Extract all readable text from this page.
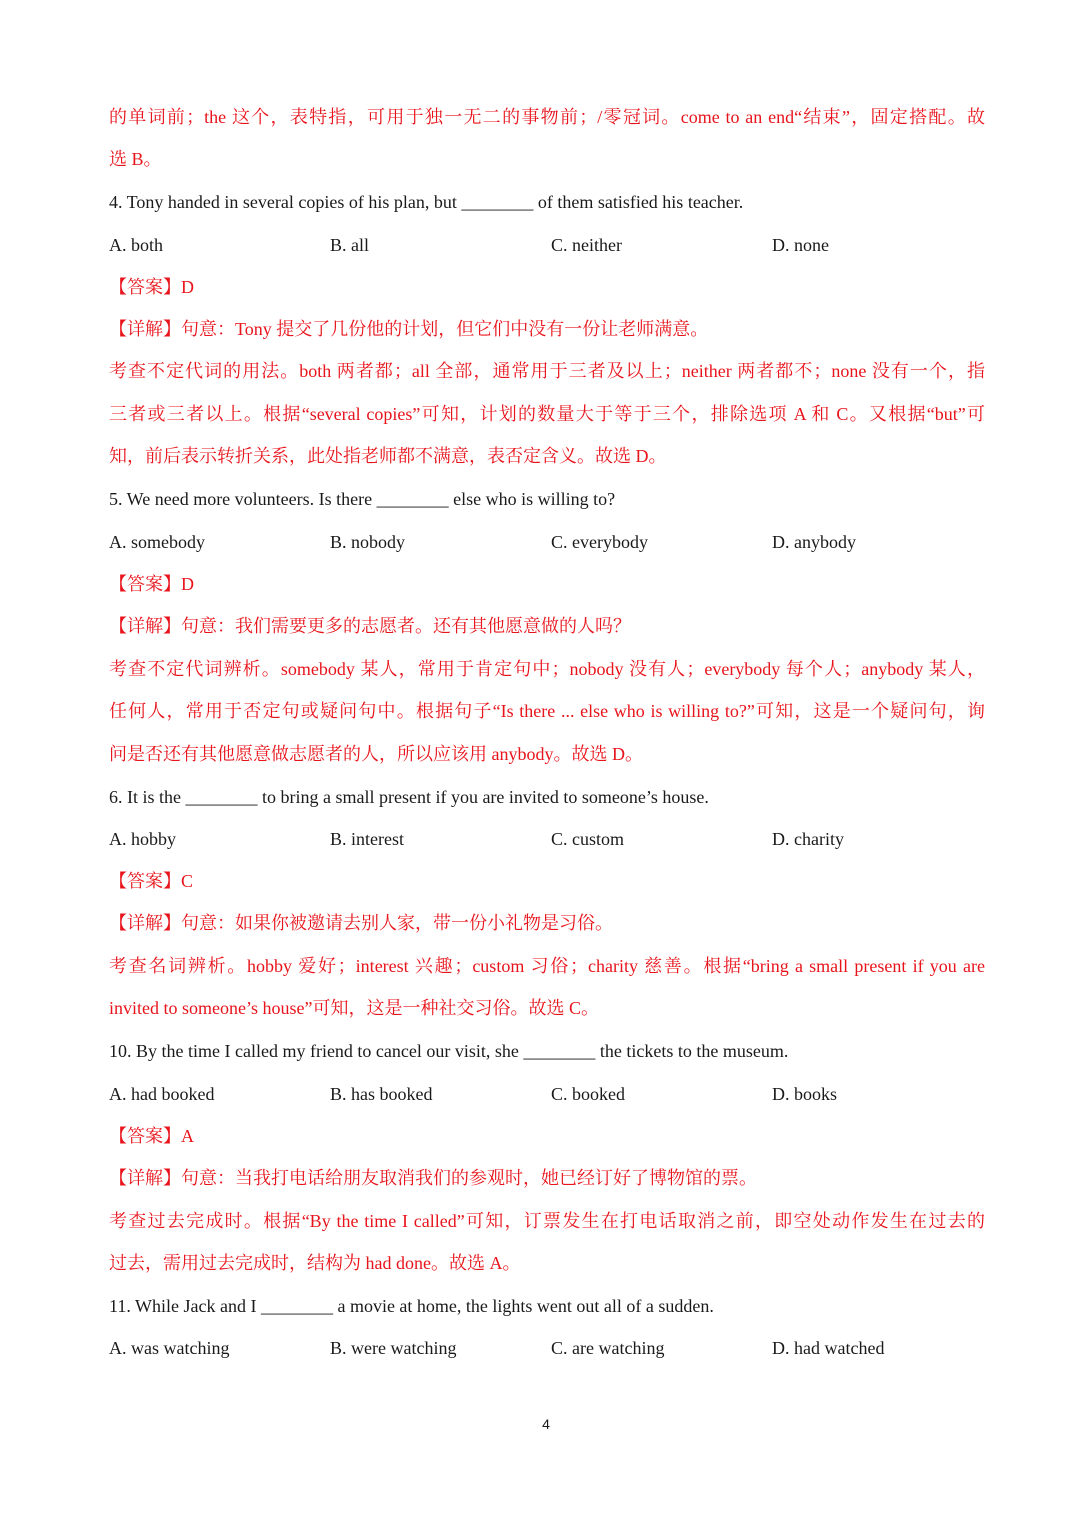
的单词前；the 这个，表特指，可用于独一无二的事物前；/零冠词。come to an end“结束”，固定搭配。故
选 B。
4. Tony handed in several copies of his plan, but ________ of them satisfied his teacher.
A. both	B. all	C. neither	D. none
【答案】D
【详解】句意：Tony 提交了几份他的计划，但它们中没有一份让老师满意。
考查不定代词的用法。both 两者都；all 全部，通常用于三者及以上；neither 两者都不；none 没有一个，指
三者或三者以上。根据“several copies”可知，计划的数量大于等于三个，排除选项 A 和 C。又根据“but”可
知，前后表示转折关系，此处指老师都不满意，表否定含义。故选 D。
5. We need more volunteers. Is there ________ else who is willing to?
A. somebody	B. nobody	C. everybody	D. anybody
【答案】D
【详解】句意：我们需要更多的志愿者。还有其他愿意做的人吗？
考查不定代词辨析。somebody 某人，常用于肯定句中；nobody 没有人；everybody 每个人；anybody 某人，
任何人，常用于否定句或疑问句中。根据句子“Is there ... else who is willing to?”可知，这是一个疑问句，询
问是否还有其他愿意做志愿者的人，所以应该用 anybody。故选 D。
6. It is the ________ to bring a small present if you are invited to someone’s house.
A. hobby	B. interest	C. custom	D. charity
【答案】C
【详解】句意：如果你被邀请去别人家，带一份小礼物是习俗。
考查名词辨析。hobby 爱好；interest 兴趣；custom 习俗；charity 慈善。根据“bring a small present if you are
invited to someone’s house”可知，这是一种社交习俗。故选 C。
10. By the time I called my friend to cancel our visit, she ________ the tickets to the museum.
A. had booked	B. has booked	C. booked	D. books
【答案】A
【详解】句意：当我打电话给朋友取消我们的参观时，她已经订好了博物馆的票。
考查过去完成时。根据“By the time I called”可知，订票发生在打电话取消之前，即空处动作发生在过去的
过去，需用过去完成时，结构为 had done。故选 A。
11. While Jack and I ________ a movie at home, the lights went out all of a sudden.
A. was watching	B. were watching	C. are watching	D. had watched
4
